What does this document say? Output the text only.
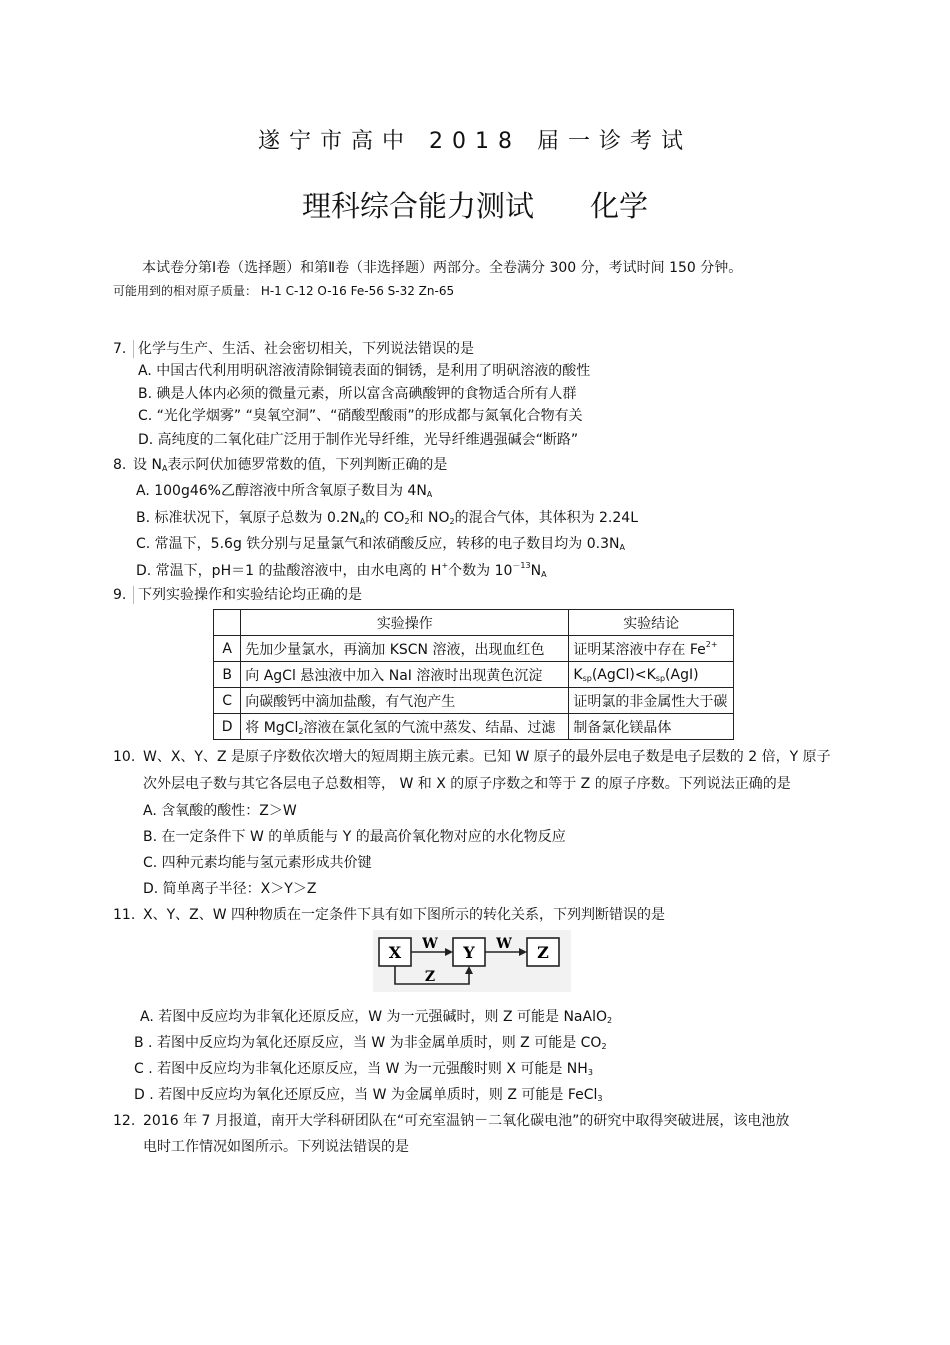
遂宁市高中 2018 届一诊考试
理科综合能力测试 化学
本试卷分第Ⅰ卷（选择题）和第Ⅱ卷（非选择题）两部分。全卷满分 300 分，考试时间 150 分钟。
可能用到的相对原子质量： H-1 C-12 O-16 Fe-56 S-32 Zn-65
7. 化学与生产、生活、社会密切相关，下列说法错误的是
A. 中国古代利用明矾溶液清除铜镜表面的铜锈，是利用了明矾溶液的酸性
B. 碘是人体内必须的微量元素，所以富含高碘酸钾的食物适合所有人群
C. “光化学烟雾” “臭氧空洞”、“硝酸型酸雨”的形成都与氮氧化合物有关
D. 高纯度的二氧化硅广泛用于制作光导纤维，光导纤维遇强碱会“断路”
8. 设 $N_A$表示阿伏加德罗常数的值，下列判断正确的是
A. 100g46%乙醇溶液中所含氧原子数目为 $4N_A$
B. 标准状况下，氧原子总数为 $0.2N_A$的 $CO_2$和 $NO_2$的混合气体，其体积为 2.24L
C. 常温下，5.6g 铁分别与足量氯气和浓硝酸反应，转移的电子数目均为 $0.3N_A$
D. 常温下，pH＝1 的盐酸溶液中，由水电离的 H+个数为 $10^{-13}N_A$
9. 下列实验操作和实验结论均正确的是
	实验操作	实验结论
A	先加少量氯水，再滴加 KSCN 溶液，出现血红色	证明某溶液中存在 $Fe^{2+}$
B	向 AgCl 悬浊液中加入 NaI 溶液时出现黄色沉淀	$K_{sp}(AgCl)<K_{sp}(AgI)$
C	向碳酸钙中滴加盐酸，有气泡产生	证明氯的非金属性大于碳
D	将 MgCl$_2$溶液在氯化氢的气流中蒸发、结晶、过滤	制备氯化镁晶体
10. W、X、Y、Z 是原子序数依次增大的短周期主族元素。已知 W 原子的最外层电子数是电子层数的 2 倍，Y 原子
次外层电子数与其它各层电子总数相等， W 和 X 的原子序数之和等于 Z 的原子序数。下列说法正确的是
A. 含氧酸的酸性：Z＞W
B. 在一定条件下 W 的单质能与 Y 的最高价氧化物对应的水化物反应
C. 四种元素均能与氢元素形成共价键
D. 简单离子半径：X＞Y＞Z
11. X、Y、Z、W 四种物质在一定条件下具有如下图所示的转化关系，下列判断错误的是
X	Y	Z
W	W
Z
A. 若图中反应均为非氧化还原反应，W 为一元强碱时，则 Z 可能是 NaAlO$_2$
B . 若图中反应均为氧化还原反应，当 W 为非金属单质时，则 Z 可能是 $CO_2$
C . 若图中反应均为非氧化还原反应，当 W 为一元强酸时则 X 可能是 $NH_3$
D . 若图中反应均为氧化还原反应，当 W 为金属单质时，则 Z 可能是 FeCl$_3$
12. 2016 年 7 月报道，南开大学科研团队在“可充室温钠－二氧化碳电池”的研究中取得突破进展，该电池放
电时工作情况如图所示。下列说法错误的是
